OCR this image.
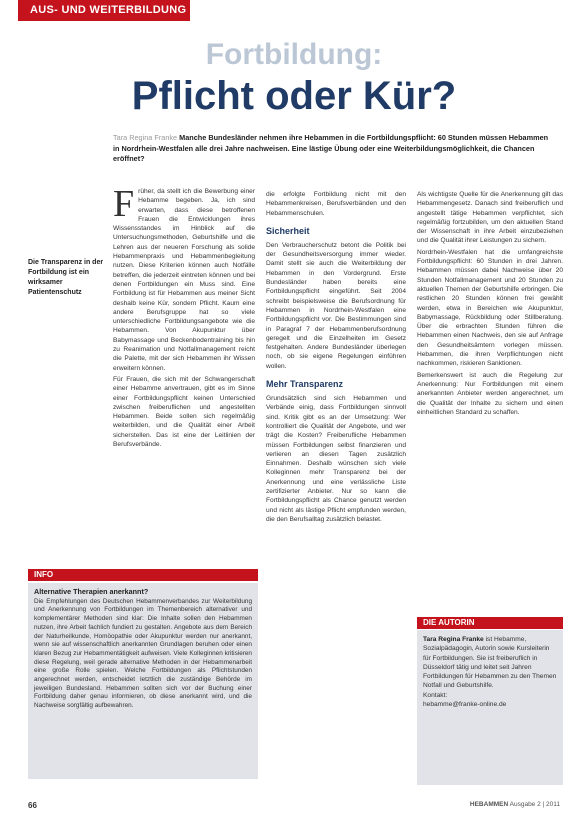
AUS- UND WEITERBILDUNG
Fortbildung:
Pflicht oder Kür?
Tara Regina Franke Manche Bundesländer nehmen ihre Hebammen in die Fortbildungspflicht: 60 Stunden müssen Hebammen in Nordrhein-Westfalen alle drei Jahre nachweisen. Eine lästige Übung oder eine Weiterbildungsmöglichkeit, die Chancen eröffnet?
Die Transparenz in der Fortbildung ist ein wirksamer Patientenschutz

Früher, da stellt ich die Bewerbung einer Hebamme begeben. Ja, ich sind erwarten, dass diese betroffenen Frauen die Entwicklungen ihres Wissensstandes im Hinblick auf die Untersuchungsmethoden, Geburtshilfe und die Lehren aus der neueren Forschung als solide Hebammenpraxis und Hebammenbegleitung nutzen. Diese Kriterien können auch Notfälle betreffen, die jederzeit eintreten können und bei denen Fortbildungen ein Muss sind. Eine Fortbildung ist für Hebammen aus meiner Sicht deshalb keine Kür, sondern Pflicht. Kaum eine andere Berufsgruppe hat so viele unterschiedliche Fortbildungsangebote wie die Hebammen. Von Akupunktur über Babymassage und Beckenbodentraining bis hin zu Reanimation und Notfallmanagement reicht die Palette, mit der sich Hebammen ihr Wissen erweitern können.

Für Frauen, die sich mit der Schwangerschaft einer Hebamme anvertrauen, gibt es im Sinne einer Fortbildungspflicht keinen Unterschied zwischen freiberuflichen und angestellten Hebammen. Beide sollen sich regelmäßig weiterbilden, und die Qualität einer Arbeit sicherstellen. Das ist eine der Leitlinien der Berufsverbände.

INFO
Alternative Therapien anerkannt?
Die Empfehlungen des Deutschen Hebammenverbandes zur Weiterbildung und Anerkennung von Fortbildungen im Themenbereich alternativer und komplementärer Methoden sind klar: Die Inhalte sollen den Hebammen nutzen, ihre Arbeit fachlich fundiert zu gestalten. Angebote aus dem Bereich der Naturheilkunde, Homöopathie oder Akupunktur werden nur anerkannt, wenn sie auf wissenschaftlich anerkannten Grundlagen beruhen oder einen klaren Bezug zur Hebammentätigkeit aufweisen. Viele Kolleginnen kritisieren diese Regelung, weil gerade alternative Methoden in der Hebammenarbeit eine große Rolle spielen. Welche Fortbildungen als Pflichtstunden angerechnet werden, entscheidet letztlich die zuständige Behörde im jeweiligen Bundesland. Hebammen sollten sich vor der Buchung einer Fortbildung daher genau informieren, ob diese anerkannt wird, und die Nachweise sorgfältig aufbewahren.

die erfolgte Fortbildung nicht mit den Hebammenkreisen, Berufsverbänden und den Hebammenschulen.

Sicherheit

Den Verbraucherschutz betont die Politik bei der Gesundheitsversorgung immer wieder. Damit stellt sie auch die Weiterbildung der Hebammen in den Vordergrund. Erste Bundesländer haben bereits eine Fortbildungspflicht eingeführt. Seit 2004 schreibt beispielsweise die Berufsordnung für Hebammen in Nordrhein-Westfalen eine Fortbildungspflicht vor. Die Bestimmungen sind in Paragraf 7 der Hebammenberufsordnung geregelt und die Einzelheiten im Gesetz festgehalten. Andere Bundesländer überlegen noch, ob sie eigene Regelungen einführen wollen.

Mehr Transparenz

Grundsätzlich sind sich Hebammen und Verbände einig, dass Fortbildungen sinnvoll sind. Kritik gibt es an der Umsetzung: Wer kontrolliert die Qualität der Angebote, und wer trägt die Kosten? Freiberufliche Hebammen müssen Fortbildungen selbst finanzieren und verlieren an diesen Tagen zusätzlich Einnahmen. Deshalb wünschen sich viele Kolleginnen mehr Transparenz bei der Anerkennung und eine verlässliche Liste zertifizierter Anbieter. Nur so kann die Fortbildungspflicht als Chance genutzt werden und nicht als lästige Pflicht empfunden werden, die den Berufsalltag zusätzlich belastet.

Als wichtigste Quelle für die Anerkennung gilt das Hebammengesetz. Danach sind freiberuflich und angestellt tätige Hebammen verpflichtet, sich regelmäßig fortzubilden, um den aktuellen Stand der Wissenschaft in ihre Arbeit einzubeziehen und die Qualität ihrer Leistungen zu sichern.

Nordrhein-Westfalen hat die umfangreichste Fortbildungspflicht: 60 Stunden in drei Jahren. Hebammen müssen dabei Nachweise über 20 Stunden Notfallmanagement und 20 Stunden zu aktuellen Themen der Geburtshilfe erbringen. Die restlichen 20 Stunden können frei gewählt werden, etwa in Bereichen wie Akupunktur, Babymassage, Rückbildung oder Stillberatung. Über die erbrachten Stunden führen die Hebammen einen Nachweis, den sie auf Anfrage den Gesundheitsämtern vorlegen müssen. Hebammen, die ihren Verpflichtungen nicht nachkommen, riskieren Sanktionen.

Bemerkenswert ist auch die Regelung zur Anerkennung: Nur Fortbildungen mit einem anerkannten Anbieter werden angerechnet, um die Qualität der Inhalte zu sichern und einen einheitlichen Standard zu schaffen.

DIE AUTORIN
Tara Regina Franke ist Hebamme, Sozialpädagogin, Autorin sowie Kursleiterin für Fortbildungen. Sie ist freiberuflich in Düsseldorf tätig und leitet seit Jahren Fortbildungen für Hebammen zu den Themen Notfall und Geburtshilfe.
Kontakt:
hebamme@franke-online.de
66	HEBAMMEN Ausgabe 2 | 2011
